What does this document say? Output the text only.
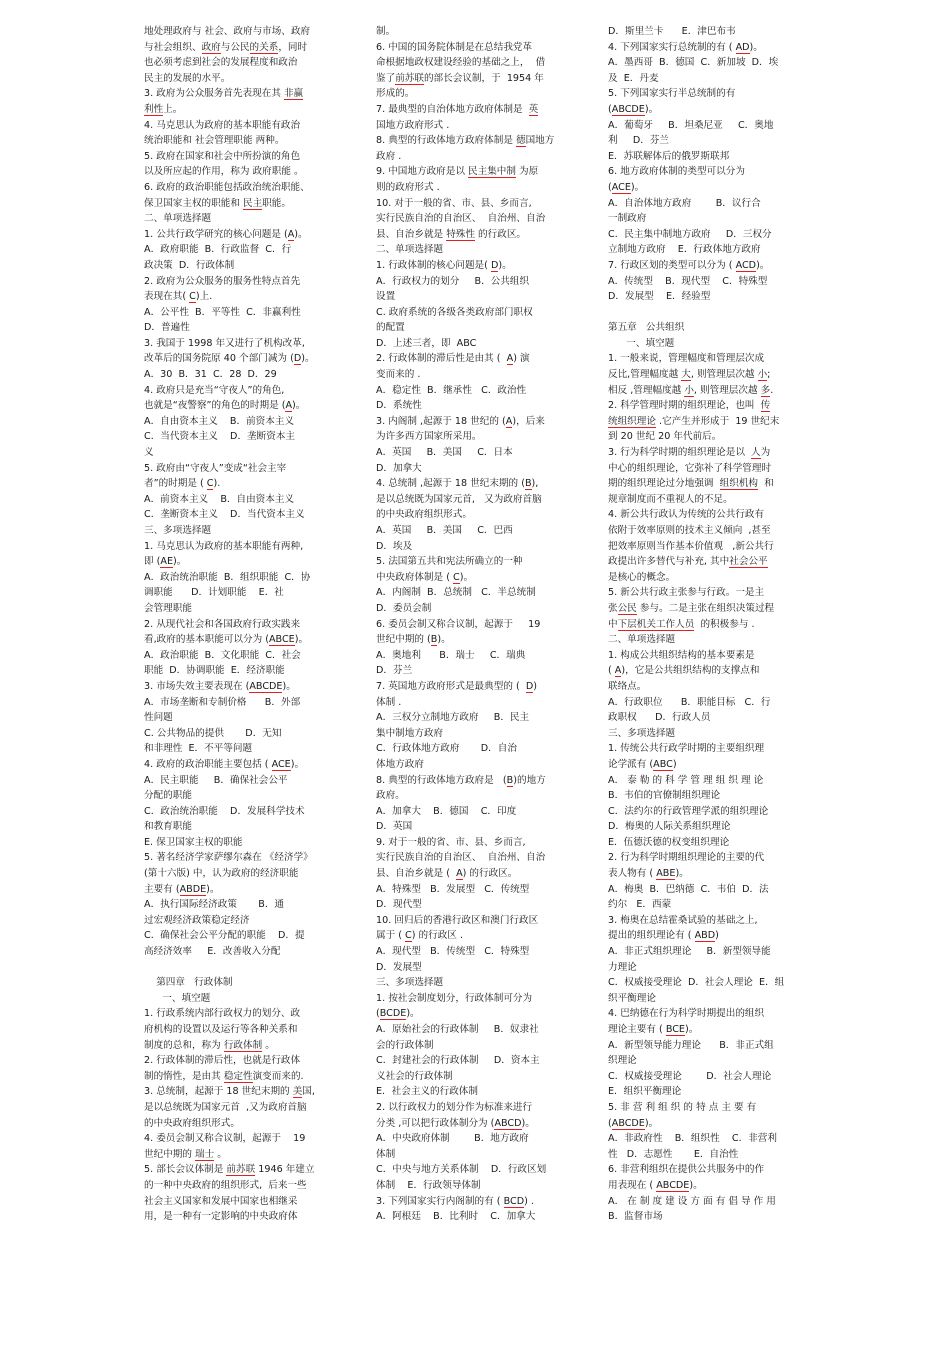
地处理政府与 社会、政府与市场、政府
与社会组织、政府与公民的关系，同时
也必须考虑到社会的发展程度和政治
民主的发展的水平。
3. 政府为公众服务首先表现在其 非赢
利性上。
4. 马克思认为政府的基本职能有政治
统治职能和 社会管理职能 两种。
5. 政府在国家和社会中所扮演的角色
以及所应起的作用，称为 政府职能 。
6. 政府的政治职能包括政治统治职能、
保卫国家主权的职能和 民主职能。
二、单项选择题
1. 公共行政学研究的核心问题是 (A)。
A．政府职能  B．行政监督  C．行
政决策  D．行政体制
2. 政府为公众服务的服务性特点首先
表现在其( C)上.
A．公平性  B．平等性  C．非赢利性
D．普遍性
3. 我国于 1998 年又进行了机构改革,
改革后的国务院原 40 个部门减为 (D)。
A．30  B．31  C．28  D．29
4. 政府只是充当“守夜人”的角色,
也就是“夜警察”的角色的时期是 (A)。
A．自由资本主义    B．前资本主义
C．当代资本主义    D．垄断资本主
义
5. 政府由“守夜人”变成“社会主宰
者”的时期是 ( C).
A．前资本主义    B．自由资本主义
C．垄断资本主义    D．当代资本主义
三、多项选择题
1. 马克思认为政府的基本职能有两种,
即 (AE)。
A．政治统治职能  B．组织职能  C．协
调职能      D．计划职能    E．社
会管理职能
2. 从现代社会和各国政府行政实践来
看,政府的基本职能可以分为 (ABCE)。
A．政治职能  B．文化职能  C．社会
职能  D．协调职能  E．经济职能
3. 市场失效主要表现在 (ABCDE)。
A．市场垄断和专制价格      B．外部
性问题
C. 公共物品的提供       D．无知
和非理性  E．不平等问题
4. 政府的政治职能主要包括 ( ACE)。
A．民主职能     B．确保社会公平
分配的职能
C．政治统治职能    D．发展科学技术
和教育职能
E. 保卫国家主权的职能
5. 著名经济学家萨缪尔森在 《经济学》
(第十六版) 中，认为政府的经济职能
主要有 (ABDE)。
A．执行国际经济政策       B．通
过宏观经济政策稳定经济
C．确保社会公平分配的职能    D．提
高经济效率     E．改善收入分配
第四章   行政体制
一、填空题
1. 行政系统内部行政权力的划分、政
府机构的设置以及运行等各种关系和
制度的总和，称为 行政体制 。
2. 行政体制的滞后性，也就是行政体
制的惰性，是由其 稳定性演变而来的.
3. 总统制，起源于 18 世纪末期的 美国,
是以总统既为国家元首  ,又为政府首脑
的中央政府组织形式。
4. 委员会制又称合议制，起源于    19
世纪中期的 瑞士 。
5. 部长会议体制是 前苏联 1946 年建立
的一种中央政府的组织形式,  后来一些
社会主义国家和发展中国家也相继采
用，是一种有一定影响的中央政府体
制。
6. 中国的国务院体制是在总结我党革
命根据地政权建设经验的基础之上，  借
鉴了前苏联的部长会议制，于  1954 年
形成的。
7. 最典型的自治体地方政府体制是  英
国地方政府形式 .
8. 典型的行政体地方政府体制是 德国地方
政府 .
9. 中国地方政府是以 民主集中制 为原
则的政府形式 .
10. 对于一般的省、市、县、乡而言,
实行民族自治的自治区、  自治州、自治
县、自治乡就是 特殊性 的行政区。
二、单项选择题
1. 行政体制的核心问题是( D)。
A．行政权力的划分     B．公共组织
设置
C. 政府系统的各级各类政府部门职权
的配置
D．上述三者，即  ABC
2. 行政体制的滞后性是由其 (  A) 演
变而来的 .
A．稳定性  B．继承性   C．政治性
D．系统性
3. 内阁制 ,起源于 18 世纪的 (A)，后来
为许多西方国家所采用。
A．英国     B．美国     C．日本
D．加拿大
4. 总统制 ,起源于 18 世纪末期的 (B),
是以总统既为国家元首,   又为政府首脑
的中央政府组织形式。
A．英国     B．美国     C．巴西
D．埃及
5. 法国第五共和宪法所确立的一种
中央政府体制是 ( C)。
A．内阁制  B．总统制   C．半总统制
D．委员会制
6. 委员会制又称合议制，起源于     19
世纪中期的 (B)。
A．奥地利      B．瑞士     C．瑞典
D．芬兰
7. 英国地方政府形式是最典型的 (  D)
体制 .
A．三权分立制地方政府     B．民主
集中制地方政府
C．行政体地方政府       D．自治
体地方政府
8. 典型的行政体地方政府是   (B)的地方
政府。
A．加拿大    B．德国    C．印度
D．英国
9. 对于一般的省、市、县、乡而言,
实行民族自治的自治区、  自治州、自治
县、自治乡就是 (  A) 的行政区。
A．特殊型   B．发展型   C．传统型
D．现代型
10. 回归后的香港行政区和澳门行政区
属于 ( C) 的行政区 .
A．现代型   B．传统型   C．特殊型
D．发展型
三、多项选择题
1. 按社会制度划分，行政体制可分为
(BCDE)。
A．原始社会的行政体制     B．奴隶社
会的行政体制
C．封建社会的行政体制     D．资本主
义社会的行政体制
E．社会主义的行政体制
2. 以行政权力的划分作为标准来进行
分类 ,可以把行政体制分为 (ABCD)。
A．中央政府体制        B．地方政府
体制
C．中央与地方关系体制    D．行政区划
体制    E．行政领导体制
3. 下列国家实行内阁制的有 ( BCD) .
A．阿根廷    B．比利时    C．加拿大
D．斯里兰卡      E．津巴布韦
4. 下列国家实行总统制的有 ( AD)。
A．墨西哥  B．德国  C．新加坡  D．埃
及  E．丹麦
5. 下列国家实行半总统制的有
(ABCDE)。
A．葡萄牙     B．坦桑尼亚     C．奥地
利     D．芬兰
E．苏联解体后的俄罗斯联邦
6. 地方政府体制的类型可以分为
(ACE)。
A．自治体地方政府        B．议行合
一制政府
C．民主集中制地方政府     D．三权分
立制地方政府    E．行政体地方政府
7. 行政区划的类型可以分为 ( ACD)。
A．传统型    B．现代型    C．特殊型
D．发展型    E．经验型
第五章   公共组织
一、填空题
1. 一般来说，管理幅度和管理层次成
反比,管理幅度越 大, 则管理层次越 小;
相反 ,管理幅度越 小, 则管理层次越 多.
2. 科学管理时期的组织理论，也叫  传
统组织理论 .它产生并形成于  19 世纪末
到 20 世纪 20 年代前后。
3. 行为科学时期的组织理论是以  人为
中心的组织理论，它弥补了科学管理时
期的组织理论过分地强调  组织机构  和
规章制度而不重视人的不足。
4. 新公共行政认为传统的公共行政有
依附于效率原则的技术主义倾向  ,甚至
把效率原则当作基本价值观   ,新公共行
政提出许多替代与补充, 其中社会公平
是核心的概念。
5. 新公共行政主张参与行政。一是主
张公民 参与。二是主张在组织决策过程
中下层机关工作人员  的积极参与 .
二、单项选择题
1. 构成公共组织结构的基本要素是
( A)，它是公共组织结构的支撑点和
联络点。
A．行政职位      B．职能目标   C．行
政职权      D．行政人员
三、多项选择题
1. 传统公共行政学时期的主要组织理
论学派有 (ABC)
A． 泰 勒 的 科 学 管 理 组 织 理 论
B．韦伯的官僚制组织理论
C．法约尔的行政管理学派的组织理论
D．梅奥的人际关系组织理论
E．伍德沃德的权变组织理论
2. 行为科学时期组织理论的主要的代
表人物有 ( ABE)。
A．梅奥  B．巴纳德  C．韦伯  D．法
约尔   E．西蒙
3. 梅奥在总结霍桑试验的基础之上,
提出的组织理论有 ( ABD)
A．非正式组织理论     B．新型领导能
力理论
C．权威接受理论  D．社会人理论  E．组
织平衡理论
4. 巴纳德在行为科学时期提出的组织
理论主要有 ( BCE)。
A．新型领导能力理论      B．非正式组
织理论
C．权威接受理论        D．社会人理论
E．组织平衡理论
5. 非 营 利 组 织 的 特 点 主 要 有
(ABCDE)。
A．非政府性    B．组织性    C．非营利
性   D．志愿性       E．自治性
6. 非营利组织在提供公共服务中的作
用表现在 ( ABCDE)。
A． 在 制 度 建 设 方 面 有 倡 导 作 用
B．监督市场
